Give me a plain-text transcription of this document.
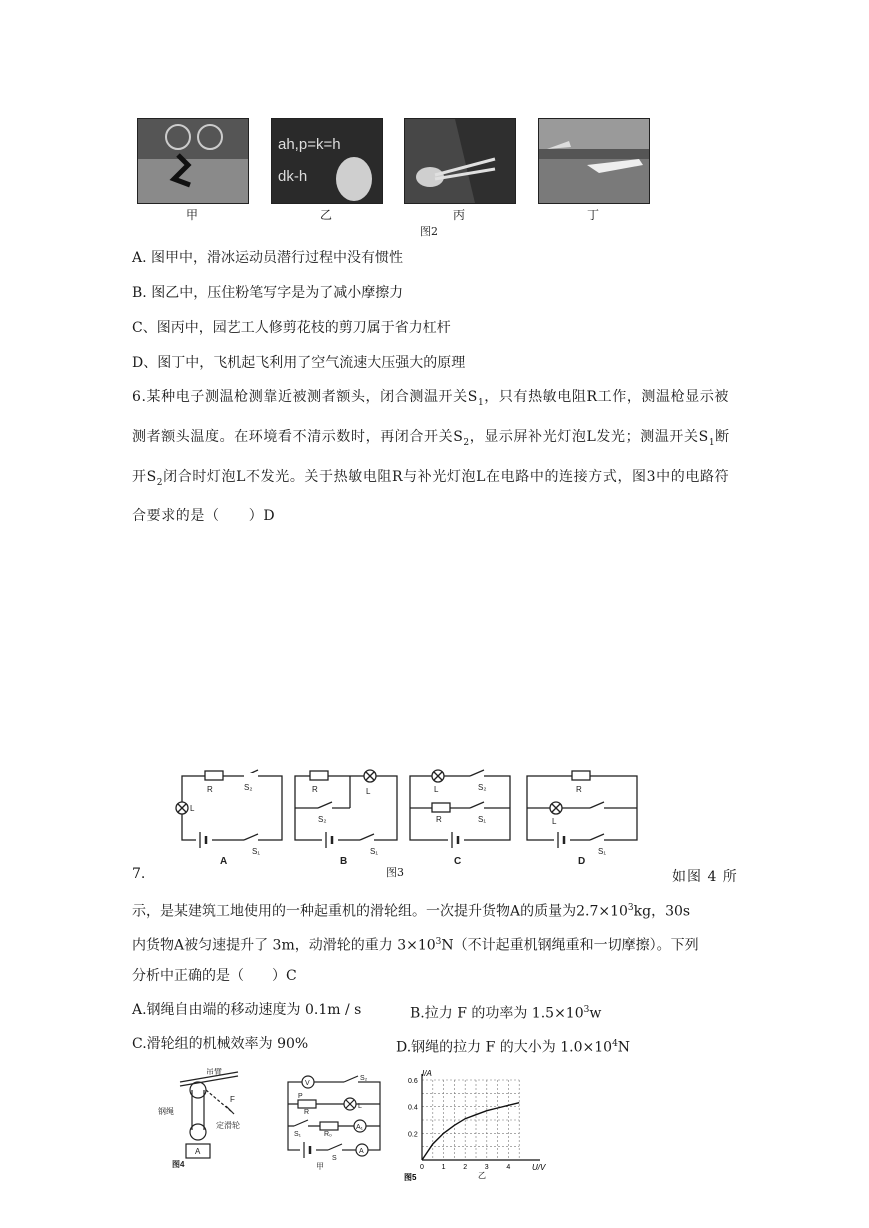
ah,p=k=h
dk-h
甲	乙	丙	丁
图2
A. 图甲中，滑冰运动员潜行过程中没有惯性
B. 图乙中，压住粉笔写字是为了减小摩擦力
C、图丙中，园艺工人修剪花枝的剪刀属于省力杠杆
D、图丁中，飞机起飞利用了空气流速大压强大的原理
6.某种电子测温枪测靠近被测者额头，闭合测温开关$S_1$，只有热敏电阻R工作，测温枪显示被测者额头温度。在环境看不清示数时，再闭合开关$S_2$，显示屏补光灯泡L发光；测温开关$S_1$断开$S_2$闭合时灯泡L不发光。关于热敏电阻R与补光灯泡L在电路中的连接方式，图3中的电路符合要求的是（　　）D
R	S₂
L
S₁
R	L
S₂
S₁
L	S₂
R	S₁
R
L
S₁
A	B	C	D
图3
7.	如图 4 所
示，是某建筑工地使用的一种起重机的滑轮组。一次提升货物A的质量为$2.7\times 10^3kg$，30s
内货物A被匀速提升了 3m，动滑轮的重力 $3\times 10^3N$（不计起重机钢绳重和一切摩擦）。下列
分析中正确的是（　　）C
A.钢绳自由端的移动速度为 0.1m / s	B.拉力 F 的功率为 $1.5\times 10^3w$
C.滑轮组的机械效率为 90%	D.钢绳的拉力 F 的大小为 $1.0\times 10^4N$
吊臂
钢绳
定滑轮
F
A
图4
V
S₂
P
R
L
S₁	R₀
A₁
S
A
甲	0	1	2	3	4
0.2
0.4
0.6
I/A
U/V
图5	乙
